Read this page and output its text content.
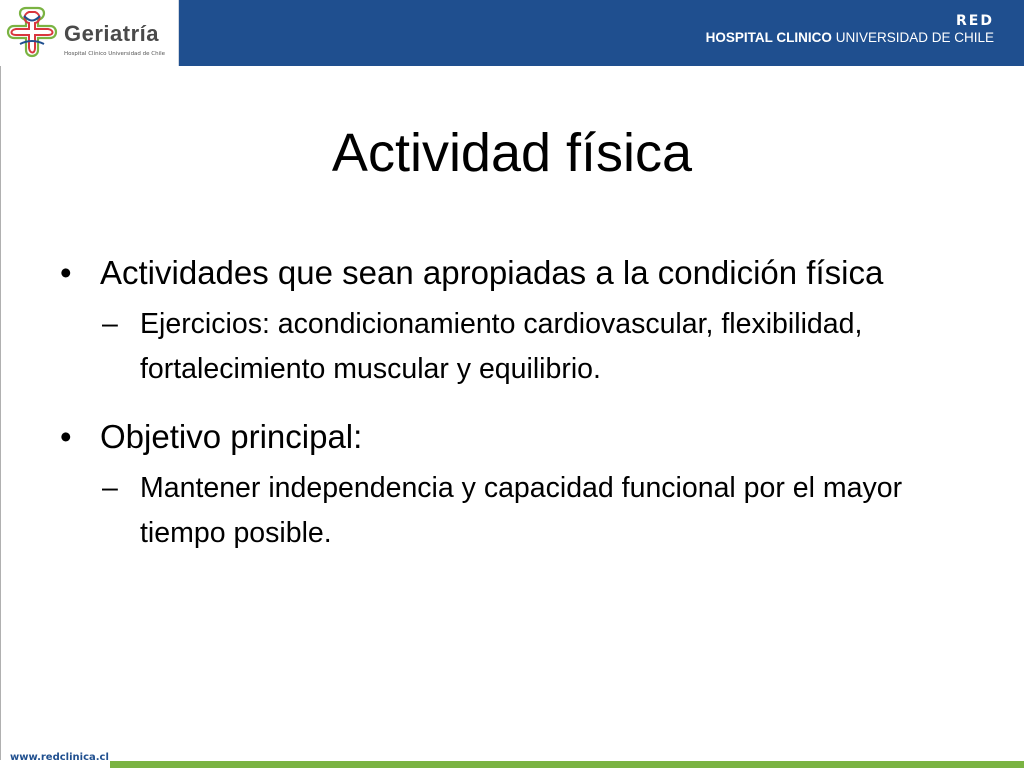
Geriatría
Hospital Clínico Universidad de Chile
RED
HOSPITAL CLINICO UNIVERSIDAD DE CHILE
Actividad física

• Actividades que sean apropiadas a la condición física

– Ejercicios: acondicionamiento cardiovascular, flexibilidad, fortalecimiento muscular y equilibrio.

• Objetivo principal:

– Mantener independencia y capacidad funcional por el mayor tiempo posible.

www.redclinica.cl
